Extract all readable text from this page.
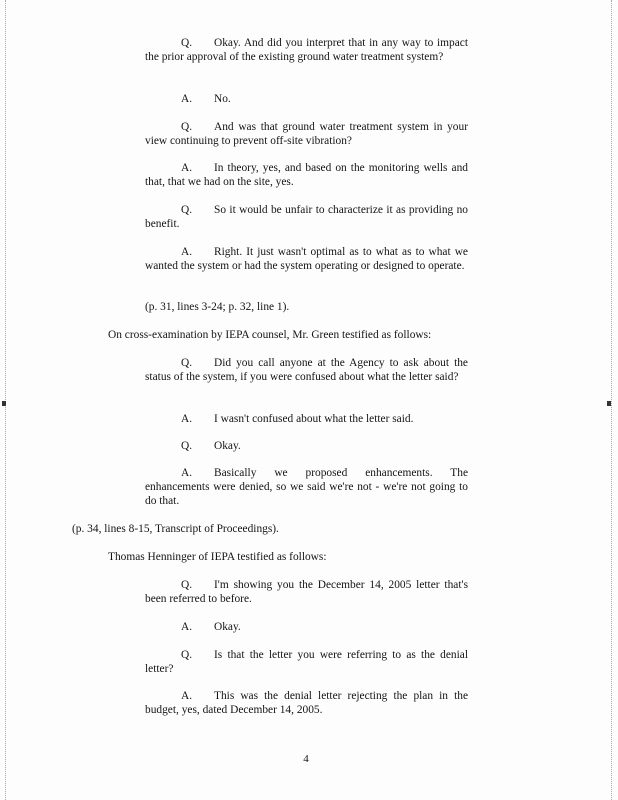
Q. Okay. And did you interpret that in any way to impact the prior approval of the existing ground water treatment system?
A. No.
Q. And was that ground water treatment system in your view continuing to prevent off-site vibration?
A. In theory, yes, and based on the monitoring wells and that, that we had on the site, yes.
Q. So it would be unfair to characterize it as providing no benefit.
A. Right. It just wasn't optimal as to what as to what we wanted the system or had the system operating or designed to operate.
(p. 31, lines 3-24; p. 32, line 1).
On cross-examination by IEPA counsel, Mr. Green testified as follows:
Q. Did you call anyone at the Agency to ask about the status of the system, if you were confused about what the letter said?
A. I wasn't confused about what the letter said.
Q. Okay.
A. Basically we proposed enhancements. The enhancements were denied, so we said we're not - we're not going to do that.
(p. 34, lines 8-15, Transcript of Proceedings).
Thomas Henninger of IEPA testified as follows:
Q. I'm showing you the December 14, 2005 letter that's been referred to before.
A. Okay.
Q. Is that the letter you were referring to as the denial letter?
A. This was the denial letter rejecting the plan in the budget, yes, dated December 14, 2005.
4
